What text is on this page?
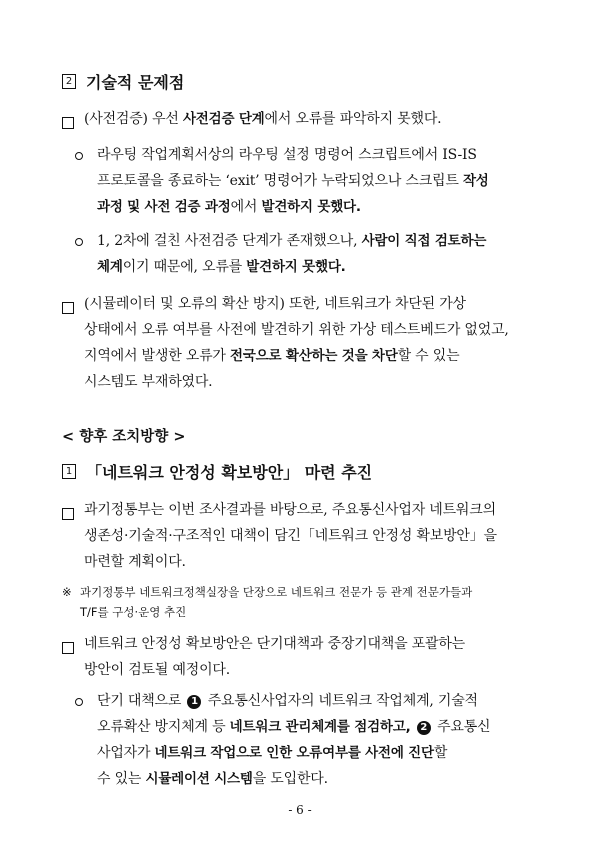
2 기술적 문제점
(사전검증) 우선 사전검증 단계에서 오류를 파악하지 못했다.
라우팅 작업계획서상의 라우팅 설정 명령어 스크립트에서 IS-IS
프로토콜을 종료하는 ‘exit’ 명령어가 누락되었으나 스크립트 작성
과정 및 사전 검증 과정에서 발견하지 못했다.
1, 2차에 걸친 사전검증 단계가 존재했으나, 사람이 직접 검토하는
체계이기 때문에, 오류를 발견하지 못했다.
(시뮬레이터 및 오류의 확산 방지) 또한, 네트워크가 차단된 가상
상태에서 오류 여부를 사전에 발견하기 위한 가상 테스트베드가 없었고,
지역에서 발생한 오류가 전국으로 확산하는 것을 차단할 수 있는
시스템도 부재하였다.
< 향후 조치방향 >
1 「네트워크 안정성 확보방안」 마련 추진
과기정통부는 이번 조사결과를 바탕으로, 주요통신사업자 네트워크의
생존성·기술적·구조적인 대책이 담긴「네트워크 안정성 확보방안」을
마련할 계획이다.
※ 과기정통부 네트워크정책실장을 단장으로 네트워크 전문가 등 관계 전문가들과
T/F를 구성·운영 추진
네트워크 안정성 확보방안은 단기대책과 중장기대책을 포괄하는
방안이 검토될 예정이다.
단기 대책으로 1 주요통신사업자의 네트워크 작업체계, 기술적
오류확산 방지체계 등 네트워크 관리체계를 점검하고, 2 주요통신
사업자가 네트워크 작업으로 인한 오류여부를 사전에 진단할
수 있는 시뮬레이션 시스템을 도입한다.
- 6 -
